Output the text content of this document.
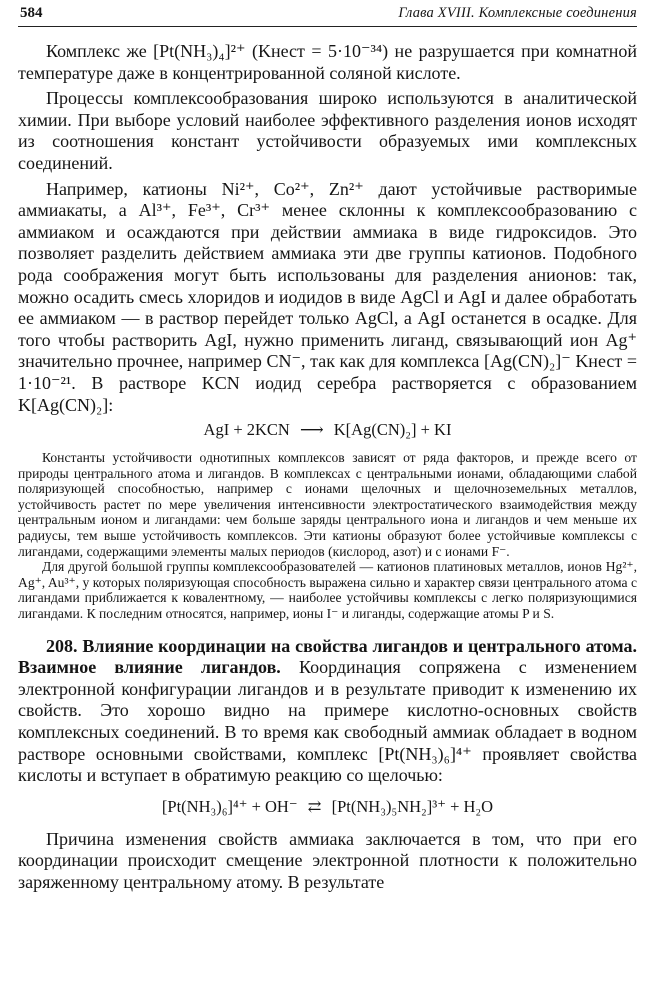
584	Глава XVIII. Комплексные соединения

Комплекс же [Pt(NH₃)₄]²⁺ (Kнест = 5·10⁻³⁴) не разрушается при комнатной температуре даже в концентрированной соляной кислоте.

Процессы комплексообразования широко используются в аналитической химии. При выборе условий наиболее эффективного разделения ионов исходят из соотношения констант устойчивости образуемых ими комплексных соединений.

Например, катионы Ni²⁺, Co²⁺, Zn²⁺ дают устойчивые растворимые аммиакаты, а Al³⁺, Fe³⁺, Cr³⁺ менее склонны к комплексообразованию с аммиаком и осаждаются при действии аммиака в виде гидроксидов. Это позволяет разделить действием аммиака эти две группы катионов. Подобного рода соображения могут быть использованы для разделения анионов: так, можно осадить смесь хлоридов и иодидов в виде AgCl и AgI и далее обработать ее аммиаком — в раствор перейдет только AgCl, а AgI останется в осадке. Для того чтобы растворить AgI, нужно применить лиганд, связывающий ион Ag⁺ значительно прочнее, например CN⁻, так как для комплекса [Ag(CN)₂]⁻ Kнест = 1·10⁻²¹. В растворе KCN иодид серебра растворяется с образованием K[Ag(CN)₂]:

AgI + 2KCN ⟶ K[Ag(CN)₂] + KI

Константы устойчивости однотипных комплексов зависят от ряда факторов, и прежде всего от природы центрального атома и лигандов. В комплексах с центральными ионами, обладающими слабой поляризующей способностью, например с ионами щелочных и щелочноземельных металлов, устойчивость растет по мере увеличения интенсивности электростатического взаимодействия между центральным ионом и лигандами: чем больше заряды центрального иона и лигандов и чем меньше их радиусы, тем выше устойчивость комплексов. Эти катионы образуют более устойчивые комплексы с лигандами, содержащими элементы малых периодов (кислород, азот) и с ионами F⁻.

Для другой большой группы комплексообразователей — катионов платиновых металлов, ионов Hg²⁺, Ag⁺, Au³⁺, у которых поляризующая способность выражена сильно и характер связи центрального атома с лигандами приближается к ковалентному, — наиболее устойчивы комплексы с легко поляризующимися лигандами. К последним относятся, например, ионы I⁻ и лиганды, содержащие атомы P и S.

208. Влияние координации на свойства лигандов и центрального атома. Взаимное влияние лигандов. Координация сопряжена с изменением электронной конфигурации лигандов и в результате приводит к изменению их свойств. Это хорошо видно на примере кислотно-основных свойств комплексных соединений. В то время как свободный аммиак обладает в водном растворе основными свойствами, комплекс [Pt(NH₃)₆]⁴⁺ проявляет свойства кислоты и вступает в обратимую реакцию со щелочью:

[Pt(NH₃)₆]⁴⁺ + OH⁻ ⇄ [Pt(NH₃)₅NH₂]³⁺ + H₂O

Причина изменения свойств аммиака заключается в том, что при его координации происходит смещение электронной плотности к положительно заряженному центральному атому. В результате
